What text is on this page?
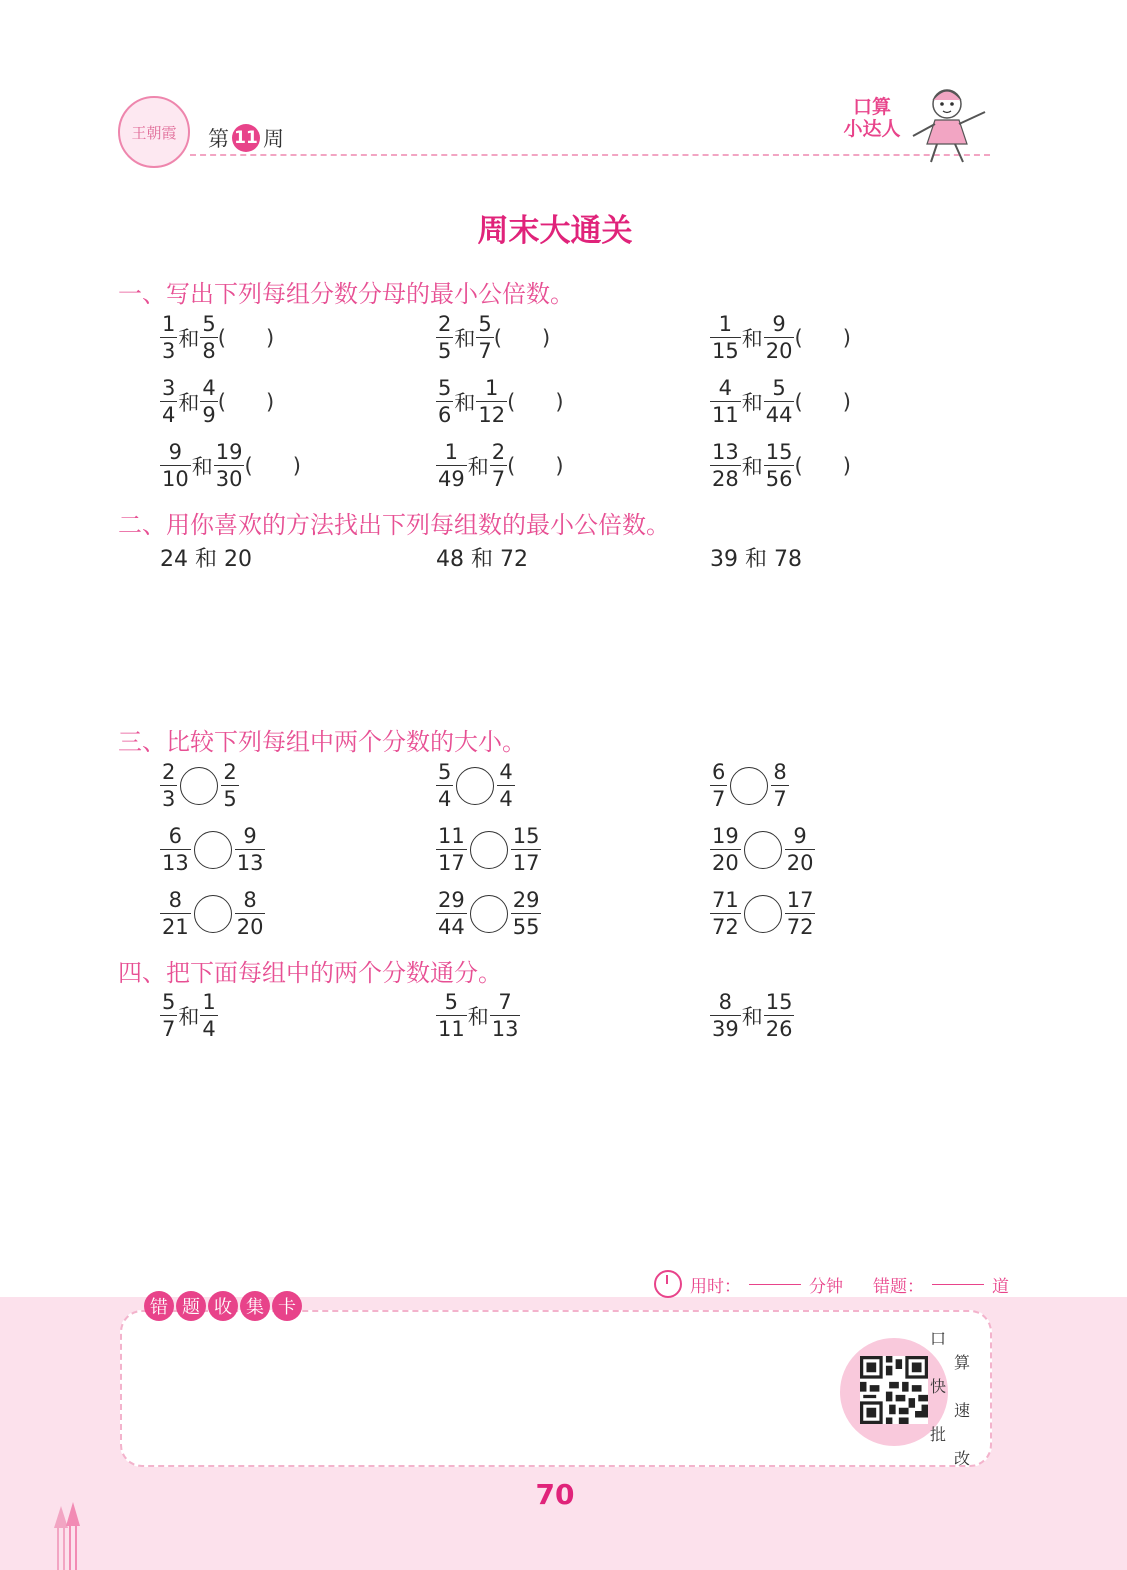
王朝霞 第 11 周
口算
小达人
周末大通关
一、写出下列每组分数分母的最小公倍数。
$\frac{1}{3}$ 和 $\frac{5}{8}$ (      )	$\frac{2}{5}$ 和 $\frac{5}{7}$ (      )	$\frac{1}{15}$ 和 $\frac{9}{20}$ (      )
$\frac{3}{4}$ 和 $\frac{4}{9}$ (      )	$\frac{5}{6}$ 和 $\frac{1}{12}$ (      )	$\frac{4}{11}$ 和 $\frac{5}{44}$ (      )
$\frac{9}{10}$ 和 $\frac{19}{30}$ (      )	$\frac{1}{49}$ 和 $\frac{2}{7}$ (      )	$\frac{13}{28}$ 和 $\frac{15}{56}$ (      )
二、用你喜欢的方法找出下列每组数的最小公倍数。
24 和 20	48 和 72	39 和 78
三、比较下列每组中两个分数的大小。
$\frac{2}{3} \frac{2}{5}$	$\frac{5}{4} \frac{4}{4}$	$\frac{6}{7} \frac{8}{7}$
$\frac{6}{13} \frac{9}{13}$	$\frac{11}{17} \frac{15}{17}$	$\frac{19}{20} \frac{9}{20}$
$\frac{8}{21} \frac{8}{20}$	$\frac{29}{44} \frac{29}{55}$	$\frac{71}{72} \frac{17}{72}$
四、把下面每组中的两个分数通分。
$\frac{5}{7}$ 和 $\frac{1}{4}$	$\frac{5}{11}$ 和 $\frac{7}{13}$	$\frac{8}{39}$ 和 $\frac{15}{26}$
用时：	分钟 错题：	道
错 题 收 集 卡
口
算
快
速
批
改
70
